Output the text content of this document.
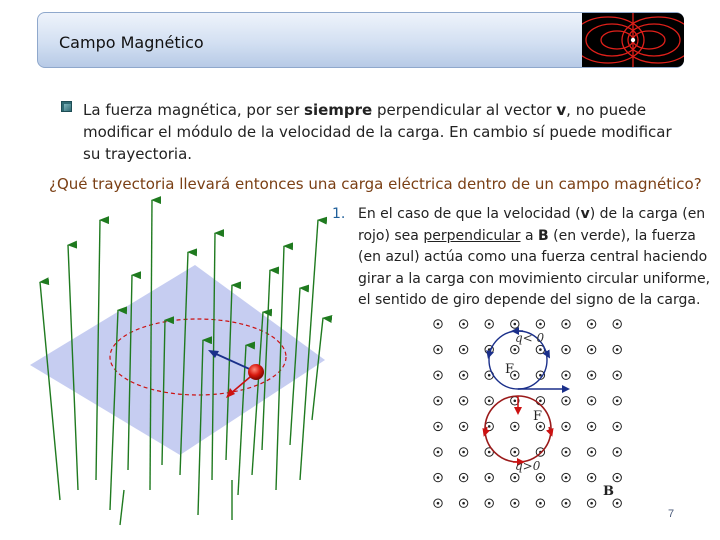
Campo Magnético
La fuerza magnética, por ser siempre perpendicular al vector v, no puede modificar el módulo de la velocidad de la carga. En cambio sí puede modificar su trayectoria.
¿Qué trayectoria llevará entonces una carga eléctrica dentro de un campo magnético?
1. En el caso de que la velocidad (v) de la carga (en rojo) sea perpendicular a B (en verde), la fuerza (en azul) actúa como una fuerza central haciendo girar a la carga con movimiento circular uniforme, el sentido de giro depende del signo de la carga.
q< 0
F
F
q>0
B
7
